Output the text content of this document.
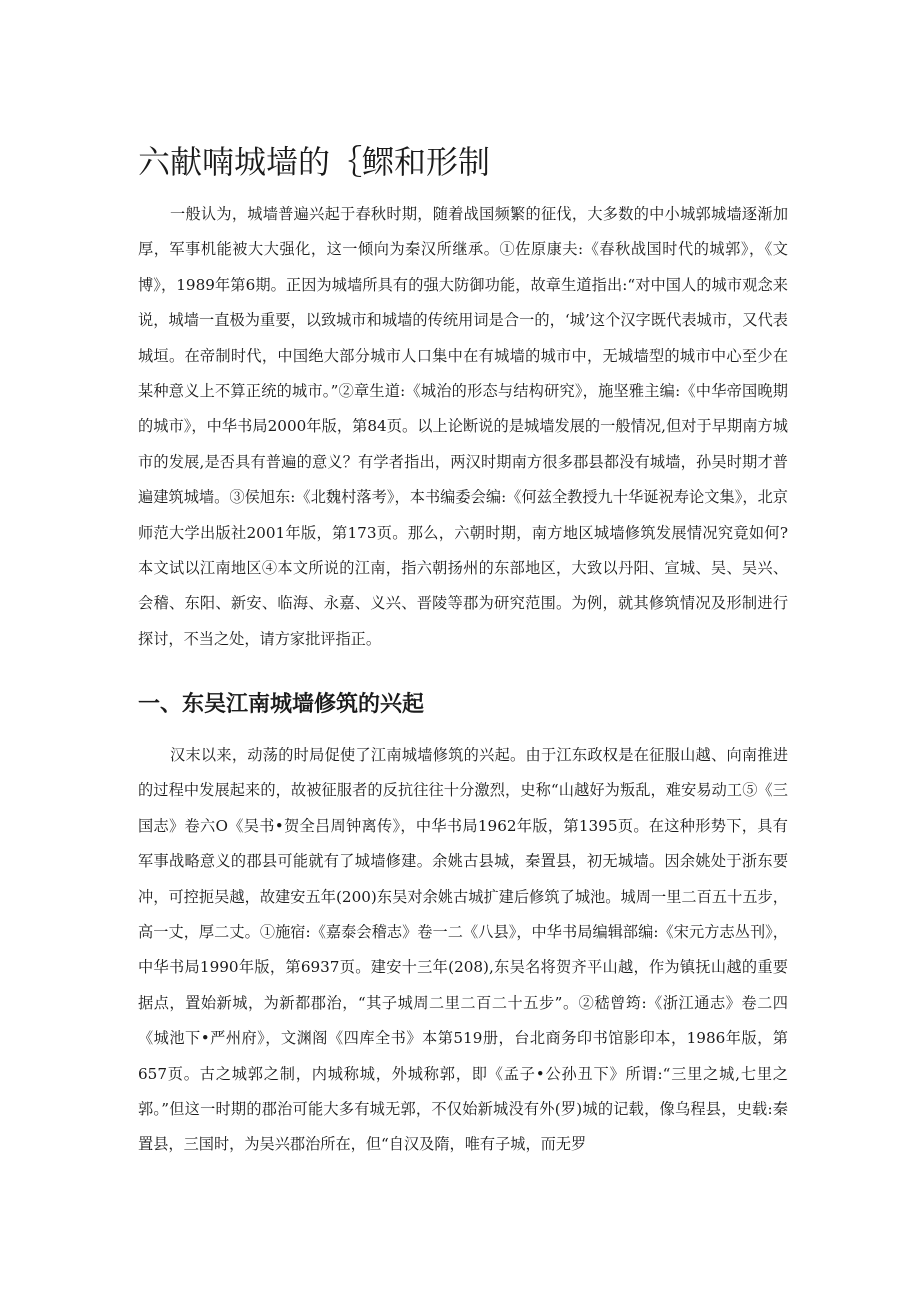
六献喃城墙的｛鳏和形制

一般认为，城墙普遍兴起于春秋时期，随着战国频繁的征伐，大多数的中小城郭城墙逐渐加厚，军事机能被大大强化，这一倾向为秦汉所继承。①佐原康夫:《春秋战国时代的城郭》，《文博》，1989年第6期。正因为城墙所具有的强大防御功能，故章生道指出:“对中国人的城市观念来说，城墙一直极为重要，以致城市和城墙的传统用词是合一的，‘城’这个汉字既代表城市，又代表城垣。在帝制时代，中国绝大部分城市人口集中在有城墙的城市中，无城墙型的城市中心至少在某种意义上不算正统的城市。”②章生道:《城治的形态与结构研究》，施坚雅主编:《中华帝国晚期的城市》，中华书局2000年版，第84页。以上论断说的是城墙发展的一般情况,但对于早期南方城市的发展,是否具有普遍的意义？有学者指出，两汉时期南方很多郡县都没有城墙，孙吴时期才普遍建筑城墙。③侯旭东:《北魏村落考》，本书编委会编:《何兹全教授九十华诞祝寿论文集》，北京师范大学出版社2001年版，第173页。那么，六朝时期，南方地区城墙修筑发展情况究竟如何?本文试以江南地区④本文所说的江南，指六朝扬州的东部地区，大致以丹阳、宣城、吴、吴兴、会稽、东阳、新安、临海、永嘉、义兴、晋陵等郡为研究范围。为例，就其修筑情况及形制进行探讨，不当之处，请方家批评指正。

一、东吴江南城墙修筑的兴起

汉末以来，动荡的时局促使了江南城墙修筑的兴起。由于江东政权是在征服山越、向南推进的过程中发展起来的，故被征服者的反抗往往十分激烈，史称“山越好为叛乱，难安易动工⑤《三国志》卷六O《吴书•贺全吕周钟离传》，中华书局1962年版，第1395页。在这种形势下，具有军事战略意义的郡县可能就有了城墙修建。余姚古县城，秦置县，初无城墙。因余姚处于浙东要冲，可控扼吴越，故建安五年(200)东吴对余姚古城扩建后修筑了城池。城周一里二百五十五步，高一丈，厚二丈。①施宿:《嘉泰会稽志》卷一二《八县》，中华书局编辑部编:《宋元方志丛刊》，中华书局1990年版，第6937页。建安十三年(208),东吴名将贺齐平山越，作为镇抚山越的重要据点，置始新城，为新都郡治，“其子城周二里二百二十五步”。②嵇曾筠:《浙江通志》卷二四《城池下•严州府》，文渊阁《四库全书》本第519册，台北商务印书馆影印本，1986年版，第657页。古之城郭之制，内城称城，外城称郭，即《孟子•公孙丑下》所谓:“三里之城,七里之郭。”但这一时期的郡治可能大多有城无郭，不仅始新城没有外(罗)城的记载，像乌程县，史载:秦置县，三国时，为吴兴郡治所在，但“自汉及隋，唯有子城，而无罗
